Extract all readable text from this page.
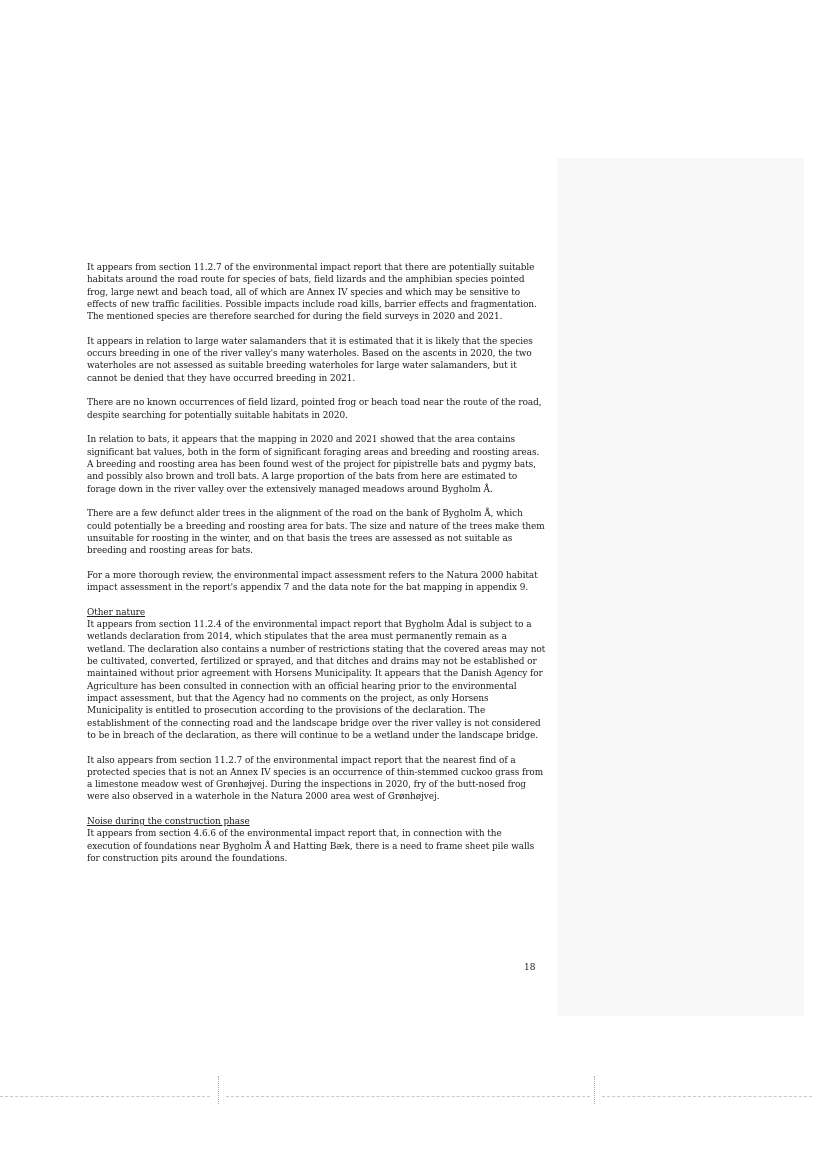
It appears from section 11.2.7 of the environmental impact report that there are potentially suitable habitats around the road route for species of bats, field lizards and the amphibian species pointed frog, large newt and beach toad, all of which are Annex IV species and which may be sensitive to effects of new traffic facilities. Possible impacts include road kills, barrier effects and fragmentation. The mentioned species are therefore searched for during the field surveys in 2020 and 2021.

It appears in relation to large water salamanders that it is estimated that it is likely that the species occurs breeding in one of the river valley's many waterholes. Based on the ascents in 2020, the two waterholes are not assessed as suitable breeding waterholes for large water salamanders, but it cannot be denied that they have occurred breeding in 2021.

There are no known occurrences of field lizard, pointed frog or beach toad near the route of the road, despite searching for potentially suitable habitats in 2020.

In relation to bats, it appears that the mapping in 2020 and 2021 showed that the area contains significant bat values, both in the form of significant foraging areas and breeding and roosting areas. A breeding and roosting area has been found west of the project for pipistrelle bats and pygmy bats, and possibly also brown and troll bats. A large proportion of the bats from here are estimated to forage down in the river valley over the extensively managed meadows around Bygholm Å.

There are a few defunct alder trees in the alignment of the road on the bank of Bygholm Å, which could potentially be a breeding and roosting area for bats. The size and nature of the trees make them unsuitable for roosting in the winter, and on that basis the trees are assessed as not suitable as breeding and roosting areas for bats.

For a more thorough review, the environmental impact assessment refers to the Natura 2000 habitat impact assessment in the report's appendix 7 and the data note for the bat mapping in appendix 9.

Other nature
It appears from section 11.2.4 of the environmental impact report that Bygholm Ådal is subject to a wetlands declaration from 2014, which stipulates that the area must permanently remain as a wetland. The declaration also contains a number of restrictions stating that the covered areas may not be cultivated, converted, fertilized or sprayed, and that ditches and drains may not be established or maintained without prior agreement with Horsens Municipality. It appears that the Danish Agency for Agriculture has been consulted in connection with an official hearing prior to the environmental impact assessment, but that the Agency had no comments on the project, as only Horsens Municipality is entitled to prosecution according to the provisions of the declaration. The establishment of the connecting road and the landscape bridge over the river valley is not considered to be in breach of the declaration, as there will continue to be a wetland under the landscape bridge.

It also appears from section 11.2.7 of the environmental impact report that the nearest find of a protected species that is not an Annex IV species is an occurrence of thin-stemmed cuckoo grass from a limestone meadow west of Grønhøjvej. During the inspections in 2020, fry of the butt-nosed frog were also observed in a waterhole in the Natura 2000 area west of Grønhøjvej.

Noise during the construction phase
It appears from section 4.6.6 of the environmental impact report that, in connection with the execution of foundations near Bygholm Å and Hatting Bæk, there is a need to frame sheet pile walls for construction pits around the foundations.

18
